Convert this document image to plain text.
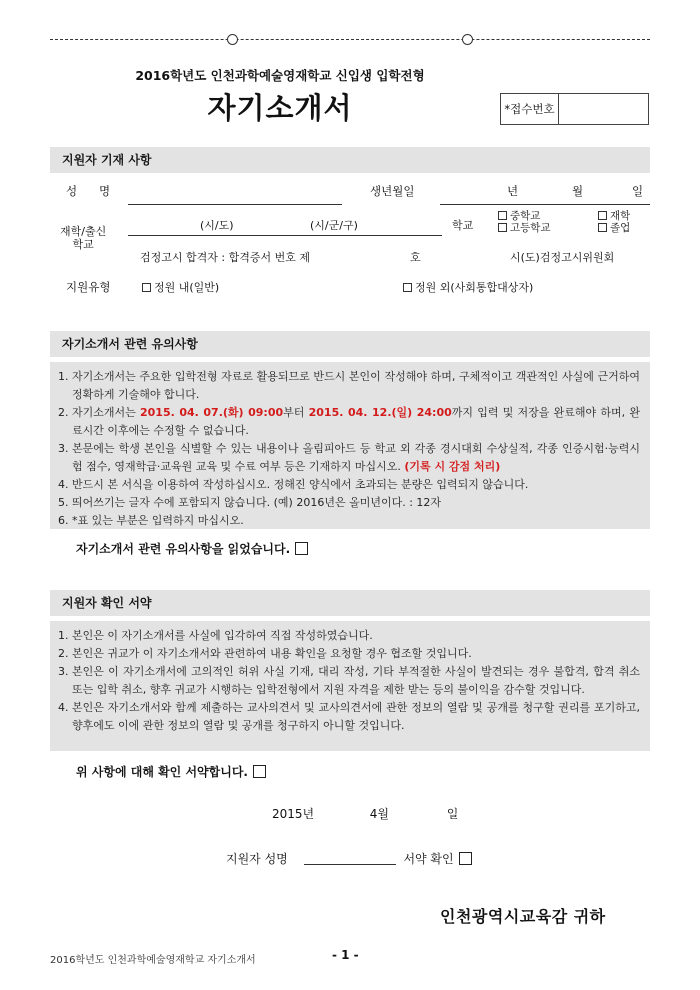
2016학년도 인천과학예술영재학교 신입생 입학전형
자기소개서	*접수번호
지원자 기재 사항
성      명	생년월일	년	월	일
재학/출신
학교
(시/도)	(시/군/구)	학교
중학교
고등학교
재학
졸업
검정고시 합격자 : 합격증서 번호 제	호	시(도)검정고시위원회
지원유형	정원 내(일반)	정원 외(사회통합대상자)
자기소개서 관련 유의사항
1. 자기소개서는 주요한 입학전형 자료로 활용되므로 반드시 본인이 작성해야 하며, 구체적이고 객관적인 사실에 근거하여 정확하게 기술해야 합니다.
2. 자기소개서는 2015. 04. 07.(화) 09:00부터 2015. 04. 12.(일) 24:00까지 입력 및 저장을 완료해야 하며, 완료시간 이후에는 수정할 수 없습니다.
3. 본문에는 학생 본인을 식별할 수 있는 내용이나 올림피아드 등 학교 외 각종 경시대회 수상실적, 각종 인증시험·능력시험 점수, 영재학급·교육원 교육 및 수료 여부 등은 기재하지 마십시오. (기록 시 감점 처리)
4. 반드시 본 서식을 이용하여 작성하십시오. 정해진 양식에서 초과되는 분량은 입력되지 않습니다.
5. 띄어쓰기는 글자 수에 포함되지 않습니다. (예) 2016년은 올미년이다. : 12자
6. *표 있는 부분은 입력하지 마십시오.
자기소개서 관련 유의사항을 읽었습니다.
지원자 확인 서약
1. 본인은 이 자기소개서를 사실에 입각하여 직접 작성하였습니다.
2. 본인은 귀교가 이 자기소개서와 관련하여 내용 확인을 요청할 경우 협조할 것입니다.
3. 본인은 이 자기소개서에 고의적인 허위 사실 기재, 대리 작성, 기타 부적절한 사실이 발견되는 경우 불합격, 합격 취소 또는 입학 취소, 향후 귀교가 시행하는 입학전형에서 지원 자격을 제한 받는 등의 불이익을 감수할 것입니다.
4. 본인은 자기소개서와 함께 제출하는 교사의견서 및 교사의견서에 관한 정보의 열람 및 공개를 청구할 권리를 포기하고, 향후에도 이에 관한 정보의 열람 및 공개를 청구하지 아니할 것입니다.
위 사항에 대해 확인 서약합니다.
2015년	4월	일
지원자 성명	서약 확인
인천광역시교육감 귀하
2016학년도 인천과학예술영재학교 자기소개서	- 1 -
